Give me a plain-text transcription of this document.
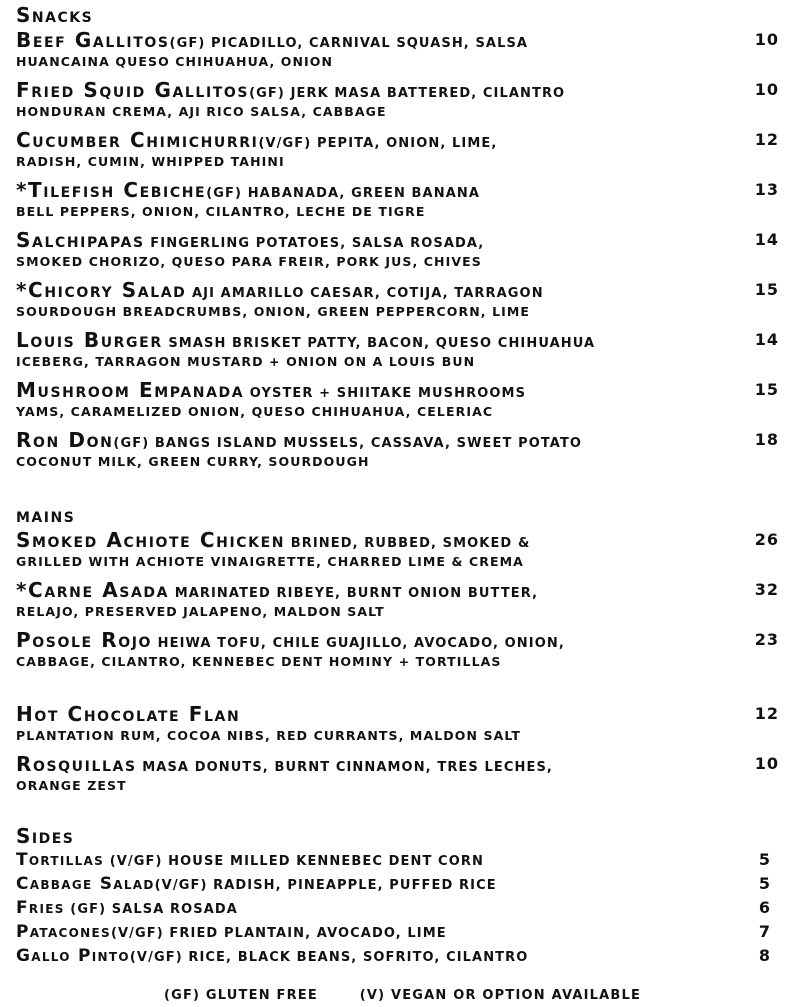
Snacks
Beef Gallitos(GF) PICADILLO, CARNIVAL SQUASH, SALSA
HUANCAINA QUESO CHIHUAHUA, ONION
10
Fried Squid Gallitos(GF) JERK MASA BATTERED, CILANTRO
HONDURAN CREMA, AJI RICO SALSA, CABBAGE
10
Cucumber Chimichurri(V/GF) PEPITA, ONION, LIME,
RADISH, CUMIN, WHIPPED TAHINI
12
*Tilefish Cebiche(GF) HABANADA, GREEN BANANA
BELL PEPPERS, ONION, CILANTRO, LECHE DE TIGRE
13
Salchipapas FINGERLING POTATOES, SALSA ROSADA,
SMOKED CHORIZO, QUESO PARA FREIR, PORK JUS, CHIVES
14
*Chicory Salad AJI AMARILLO CAESAR, COTIJA, TARRAGON
SOURDOUGH BREADCRUMBS, ONION, GREEN PEPPERCORN, LIME
15
Louis Burger SMASH BRISKET PATTY, BACON, QUESO CHIHUAHUA
ICEBERG, TARRAGON MUSTARD + ONION ON A LOUIS BUN
14
Mushroom Empanada OYSTER + SHIITAKE MUSHROOMS
YAMS, CARAMELIZED ONION, QUESO CHIHUAHUA, CELERIAC
15
Ron Don(GF) BANGS ISLAND MUSSELS, CASSAVA, SWEET POTATO
COCONUT MILK, GREEN CURRY, SOURDOUGH
18
mains
Smoked Achiote Chicken BRINED, RUBBED, SMOKED &
GRILLED WITH ACHIOTE VINAIGRETTE, CHARRED LIME & CREMA
26
*Carne Asada MARINATED RIBEYE, BURNT ONION BUTTER,
RELAJO, PRESERVED JALAPENO, MALDON SALT
32
Posole Rojo HEIWA TOFU, CHILE GUAJILLO, AVOCADO, ONION,
CABBAGE, CILANTRO, KENNEBEC DENT HOMINY + TORTILLAS
23
Hot Chocolate Flan
PLANTATION RUM, COCOA NIBS, RED CURRANTS, MALDON SALT
12
Rosquillas MASA DONUTS, BURNT CINNAMON, TRES LECHES,
ORANGE ZEST
10
Sides
Tortillas (V/GF) HOUSE MILLED KENNEBEC DENT CORN	5
Cabbage Salad(V/GF) RADISH, PINEAPPLE, PUFFED RICE	5
Fries (GF) SALSA ROSADA	6
Patacones(V/GF) FRIED PLANTAIN, AVOCADO, LIME	7
Gallo Pinto(V/GF) RICE, BLACK BEANS, SOFRITO, CILANTRO	8
(GF) GLUTEN FREE	(V) VEGAN OR OPTION AVAILABLE
